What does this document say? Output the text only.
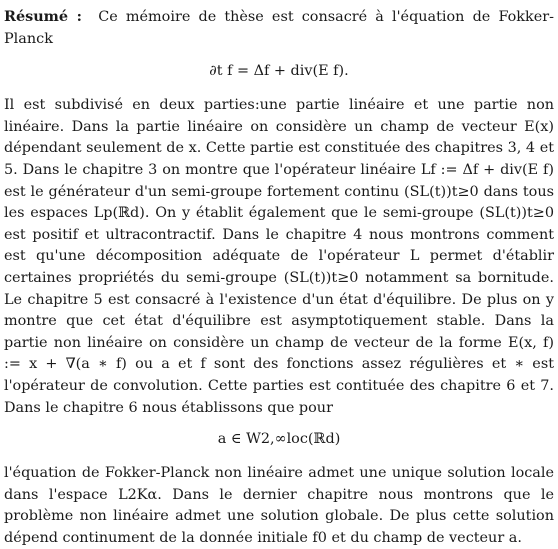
Résumé : Ce mémoire de thèse est consacré à l'équation de Fokker-Planck

∂t f = Δf + div(E f).

Il est subdivisé en deux parties:une partie linéaire et une partie non linéaire. Dans la partie linéaire on considère un champ de vecteur E(x) dépendant seulement de x. Cette partie est constituée des chapitres 3, 4 et 5. Dans le chapitre 3 on montre que l'opérateur linéaire Lf := Δf + div(E f) est le générateur d'un semi-groupe fortement continu (SL(t))t≥0 dans tous les espaces Lp(ℝd). On y établit également que le semi-groupe (SL(t))t≥0 est positif et ultracontractif. Dans le chapitre 4 nous montrons comment est qu'une décomposition adéquate de l'opérateur L permet d'établir certaines propriétés du semi-groupe (SL(t))t≥0 notamment sa bornitude. Le chapitre 5 est consacré à l'existence d'un état d'équilibre. De plus on y montre que cet état d'équilibre est asymptotiquement stable. Dans la partie non linéaire on considère un champ de vecteur de la forme E(x, f) := x + ∇(a ∗ f) ou a et f sont des fonctions assez régulières et ∗ est l'opérateur de convolution. Cette parties est contituée des chapitre 6 et 7. Dans le chapitre 6 nous établissons que pour

a ∈ W2,∞loc(ℝd)

l'équation de Fokker-Planck non linéaire admet une unique solution locale dans l'espace L2Kα. Dans le dernier chapitre nous montrons que le problème non linéaire admet une solution globale. De plus cette solution dépend continument de la donnée initiale f0 et du champ de vecteur a.
